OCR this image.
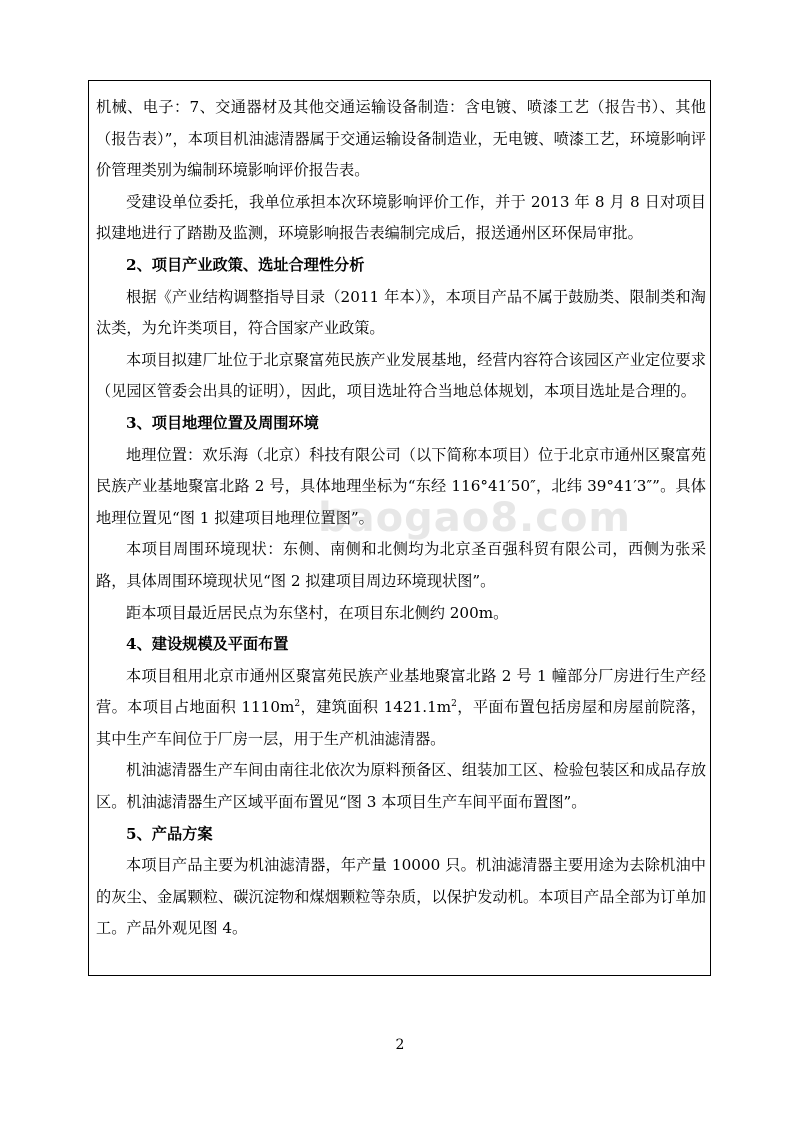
机械、电子：7、交通器材及其他交通运输设备制造：含电镀、喷漆工艺（报告书）、其他（报告表）”，本项目机油滤清器属于交通运输设备制造业，无电镀、喷漆工艺，环境影响评价管理类别为编制环境影响评价报告表。

受建设单位委托，我单位承担本次环境影响评价工作，并于 2013 年 8 月 8 日对项目拟建地进行了踏勘及监测，环境影响报告表编制完成后，报送通州区环保局审批。

2、项目产业政策、选址合理性分析

根据《产业结构调整指导目录（2011 年本）》，本项目产品不属于鼓励类、限制类和淘汰类，为允许类项目，符合国家产业政策。

本项目拟建厂址位于北京聚富苑民族产业发展基地，经营内容符合该园区产业定位要求（见园区管委会出具的证明），因此，项目选址符合当地总体规划，本项目选址是合理的。

3、项目地理位置及周围环境

地理位置：欢乐海（北京）科技有限公司（以下简称本项目）位于北京市通州区聚富苑民族产业基地聚富北路 2 号，具体地理坐标为“东经 116°41′50″，北纬 39°41′3″”。具体地理位置见“图 1 拟建项目地理位置图”。

本项目周围环境现状：东侧、南侧和北侧均为北京圣百强科贸有限公司，西侧为张采路，具体周围环境现状见“图 2 拟建项目周边环境现状图”。

距本项目最近居民点为东垡村，在项目东北侧约 200m。

4、建设规模及平面布置

本项目租用北京市通州区聚富苑民族产业基地聚富北路 2 号 1 幢部分厂房进行生产经营。本项目占地面积 $1110m^2$，建筑面积 $1421.1m^2$，平面布置包括房屋和房屋前院落，其中生产车间位于厂房一层，用于生产机油滤清器。

机油滤清器生产车间由南往北依次为原料预备区、组装加工区、检验包装区和成品存放区。机油滤清器生产区域平面布置见“图 3 本项目生产车间平面布置图”。

5、产品方案

本项目产品主要为机油滤清器，年产量 10000 只。机油滤清器主要用途为去除机油中的灰尘、金属颗粒、碳沉淀物和煤烟颗粒等杂质，以保护发动机。本项目产品全部为订单加工。产品外观见图 4。

baogao8.com
2
